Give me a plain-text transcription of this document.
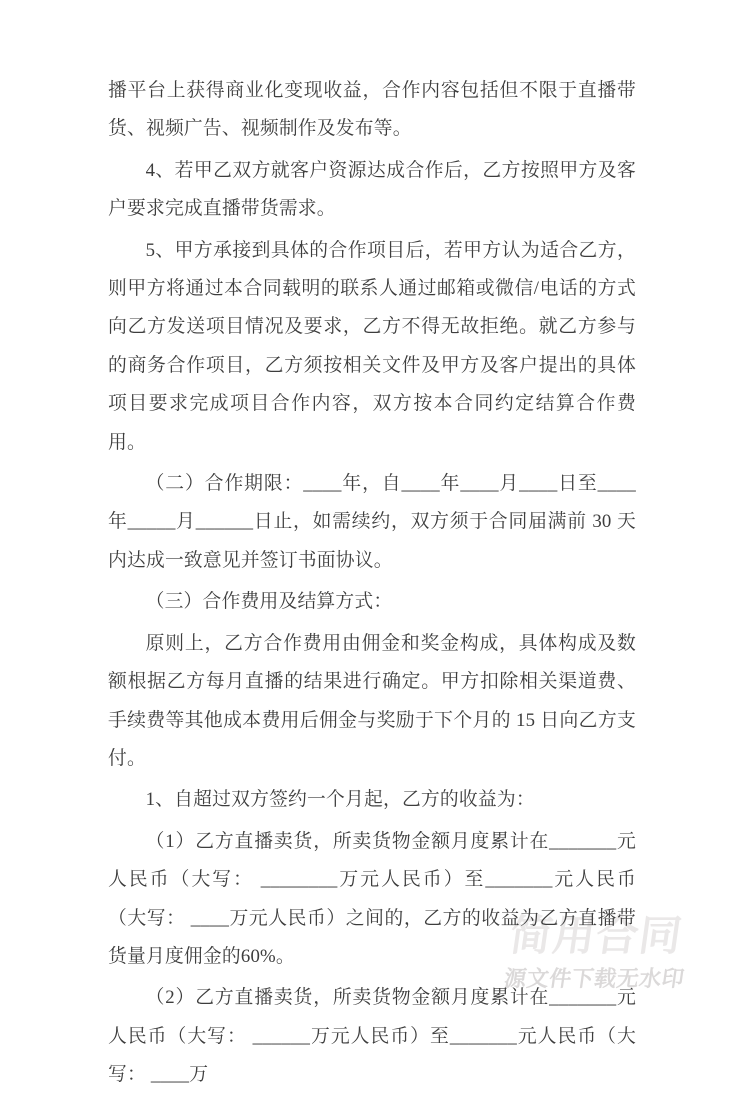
简用合同
源文件下载无水印

播平台上获得商业化变现收益，合作内容包括但不限于直播带货、视频广告、视频制作及发布等。

4、若甲乙双方就客户资源达成合作后，乙方按照甲方及客户要求完成直播带货需求。

5、甲方承接到具体的合作项目后，若甲方认为适合乙方，则甲方将通过本合同载明的联系人通过邮箱或微信/电话的方式向乙方发送项目情况及要求，乙方不得无故拒绝。就乙方参与的商务合作项目，乙方须按相关文件及甲方及客户提出的具体项目要求完成项目合作内容，双方按本合同约定结算合作费用。

（二）合作期限：____年，自____年____月____日至____年_____月______日止，如需续约，双方须于合同届满前 30 天内达成一致意见并签订书面协议。

（三）合作费用及结算方式：

原则上，乙方合作费用由佣金和奖金构成，具体构成及数额根据乙方每月直播的结果进行确定。甲方扣除相关渠道费、手续费等其他成本费用后佣金与奖励于下个月的 15 日向乙方支付。

1、自超过双方签约一个月起，乙方的收益为：

（1）乙方直播卖货，所卖货物金额月度累计在_______元人民币（大写： ________万元人民币）至_______元人民币（大写： ____万元人民币）之间的，乙方的收益为乙方直播带货量月度佣金的60%。

（2）乙方直播卖货，所卖货物金额月度累计在_______元人民币（大写： ______万元人民币）至_______元人民币（大写： ____万
